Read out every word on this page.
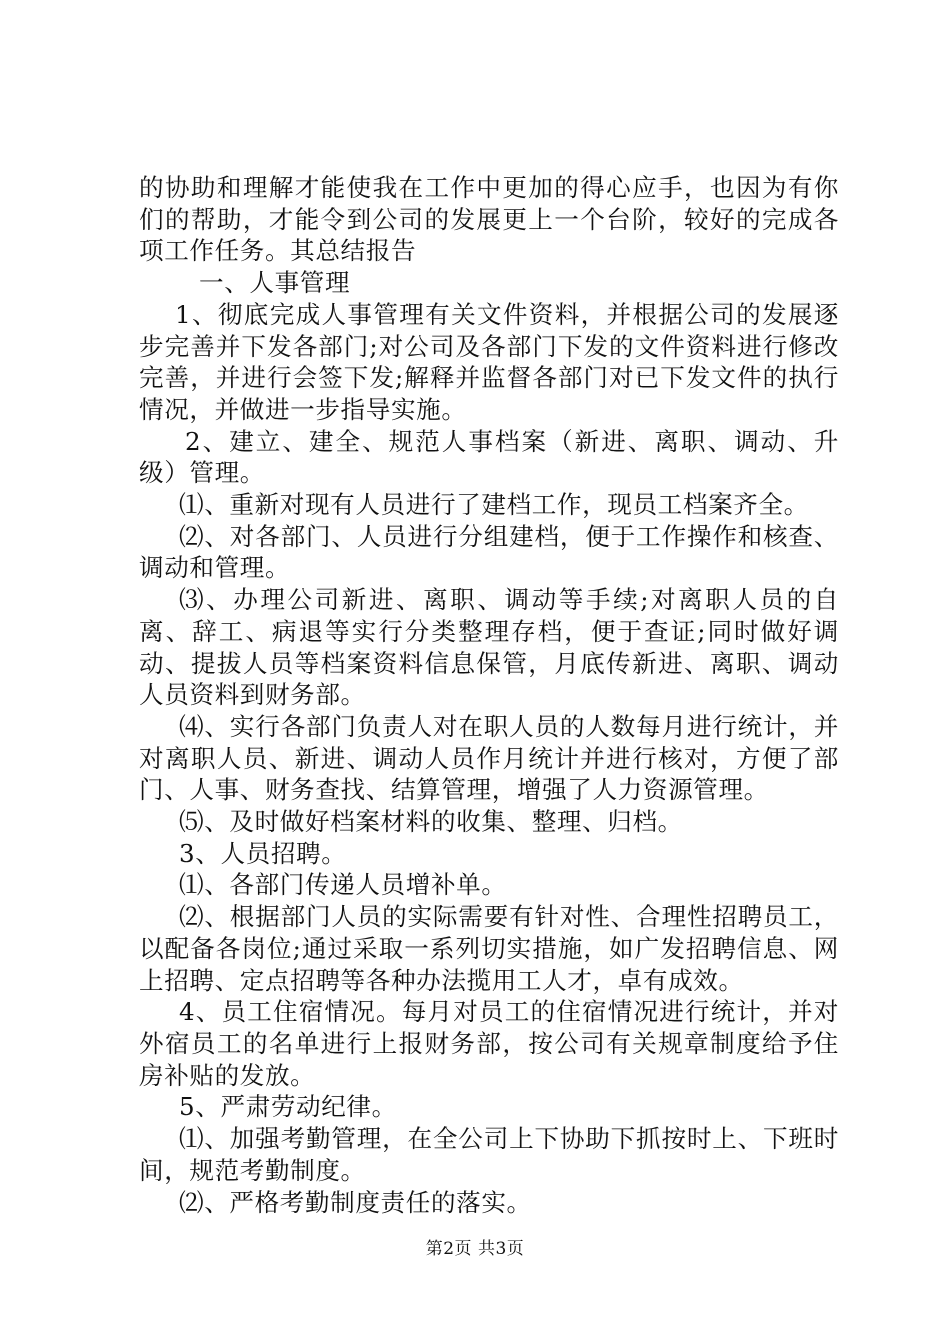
的协助和理解才能使我在工作中更加的得心应手，也因为有你们的帮助，才能令到公司的发展更上一个台阶，较好的完成各项工作任务。其总结报告

一、人事管理

1、彻底完成人事管理有关文件资料，并根据公司的发展逐步完善并下发各部门;对公司及各部门下发的文件资料进行修改完善，并进行会签下发;解释并监督各部门对已下发文件的执行情况，并做进一步指导实施。

2、建立、建全、规范人事档案（新进、离职、调动、升级）管理。

⑴、重新对现有人员进行了建档工作，现员工档案齐全。

⑵、对各部门、人员进行分组建档，便于工作操作和核查、调动和管理。

⑶、办理公司新进、离职、调动等手续;对离职人员的自离、辞工、病退等实行分类整理存档，便于查证;同时做好调动、提拔人员等档案资料信息保管，月底传新进、离职、调动人员资料到财务部。

⑷、实行各部门负责人对在职人员的人数每月进行统计，并对离职人员、新进、调动人员作月统计并进行核对，方便了部门、人事、财务查找、结算管理，增强了人力资源管理。

⑸、及时做好档案材料的收集、整理、归档。

3、人员招聘。

⑴、各部门传递人员增补单。

⑵、根据部门人员的实际需要有针对性、合理性招聘员工，以配备各岗位;通过采取一系列切实措施，如广发招聘信息、网上招聘、定点招聘等各种办法揽用工人才，卓有成效。

4、员工住宿情况。每月对员工的住宿情况进行统计，并对外宿员工的名单进行上报财务部，按公司有关规章制度给予住房补贴的发放。

5、严肃劳动纪律。

⑴、加强考勤管理，在全公司上下协助下抓按时上、下班时间，规范考勤制度。

⑵、严格考勤制度责任的落实。

第2页 共3页
